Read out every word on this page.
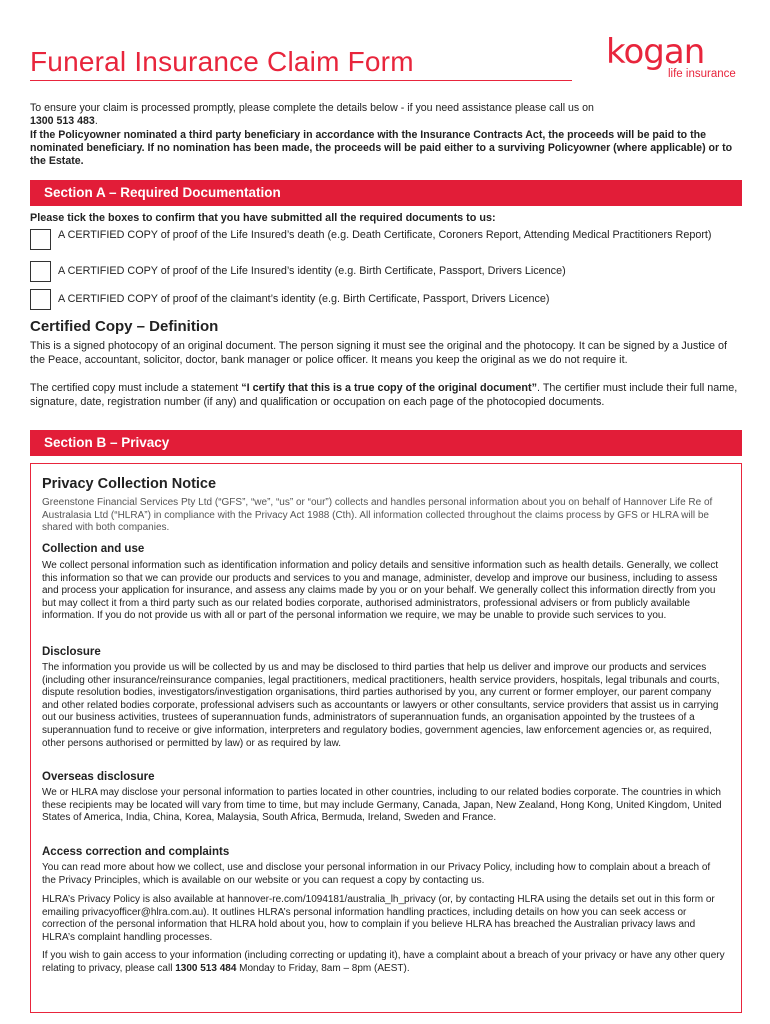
Funeral Insurance Claim Form	kogan
life insurance
To ensure your claim is processed promptly, please complete the details below - if you need assistance please call us on
1300 513 483.
If the Policyowner nominated a third party beneficiary in accordance with the Insurance Contracts Act, the proceeds will be paid to the nominated beneficiary. If no nomination has been made, the proceeds will be paid either to a surviving Policyowner (where applicable) or to the Estate.
Section A – Required Documentation
Please tick the boxes to confirm that you have submitted all the required documents to us:
A CERTIFIED COPY of proof of the Life Insured’s death (e.g. Death Certificate, Coroners Report, Attending Medical Practitioners Report)
A CERTIFIED COPY of proof of the Life Insured’s identity (e.g. Birth Certificate, Passport, Drivers Licence)
A CERTIFIED COPY of proof of the claimant’s identity (e.g. Birth Certificate, Passport, Drivers Licence)
Certified Copy – Definition
This is a signed photocopy of an original document. The person signing it must see the original and the photocopy. It can be signed by a Justice of the Peace, accountant, solicitor, doctor, bank manager or police officer. It means you keep the original as we do not require it.
The certified copy must include a statement “I certify that this is a true copy of the original document”. The certifier must include their full name, signature, date, registration number (if any) and qualification or occupation on each page of the photocopied documents.
Section B – Privacy
Privacy Collection Notice
Greenstone Financial Services Pty Ltd (“GFS”, “we”, “us” or “our”) collects and handles personal information about you on behalf of Hannover Life Re of Australasia Ltd (“HLRA”) in compliance with the Privacy Act 1988 (Cth). All information collected throughout the claims process by GFS or HLRA will be shared with both companies.
Collection and use
We collect personal information such as identification information and policy details and sensitive information such as health details. Generally, we collect this information so that we can provide our products and services to you and manage, administer, develop and improve our business, including to assess and process your application for insurance, and assess any claims made by you or on your behalf. We generally collect this information directly from you but may collect it from a third party such as our related bodies corporate, authorised administrators, professional advisers or from publicly available information. If you do not provide us with all or part of the personal information we require, we may be unable to provide such services to you.
Disclosure
The information you provide us will be collected by us and may be disclosed to third parties that help us deliver and improve our products and services (including other insurance/reinsurance companies, legal practitioners, medical practitioners, health service providers, hospitals, legal tribunals and courts, dispute resolution bodies, investigators/investigation organisations, third parties authorised by you, any current or former employer, our parent company and other related bodies corporate, professional advisers such as accountants or lawyers or other consultants, service providers that assist us in carrying out our business activities, trustees of superannuation funds, administrators of superannuation funds, an organisation appointed by the trustees of a superannuation fund to receive or give information, interpreters and regulatory bodies, government agencies, law enforcement agencies or, as required, other persons authorised or permitted by law) or as required by law.
Overseas disclosure
We or HLRA may disclose your personal information to parties located in other countries, including to our related bodies corporate. The countries in which these recipients may be located will vary from time to time, but may include Germany, Canada, Japan, New Zealand, Hong Kong, United Kingdom, United States of America, India, China, Korea, Malaysia, South Africa, Bermuda, Ireland, Sweden and France.
Access correction and complaints
You can read more about how we collect, use and disclose your personal information in our Privacy Policy, including how to complain about a breach of the Privacy Principles, which is available on our website or you can request a copy by contacting us.
HLRA’s Privacy Policy is also available at hannover-re.com/1094181/australia_lh_privacy (or, by contacting HLRA using the details set out in this form or emailing privacyofficer@hlra.com.au). It outlines HLRA’s personal information handling practices, including details on how you can seek access or correction of the personal information that HLRA hold about you, how to complain if you believe HLRA has breached the Australian privacy laws and HLRA’s complaint handling processes.
If you wish to gain access to your information (including correcting or updating it), have a complaint about a breach of your privacy or have any other query relating to privacy, please call 1300 513 484 Monday to Friday, 8am – 8pm (AEST).
